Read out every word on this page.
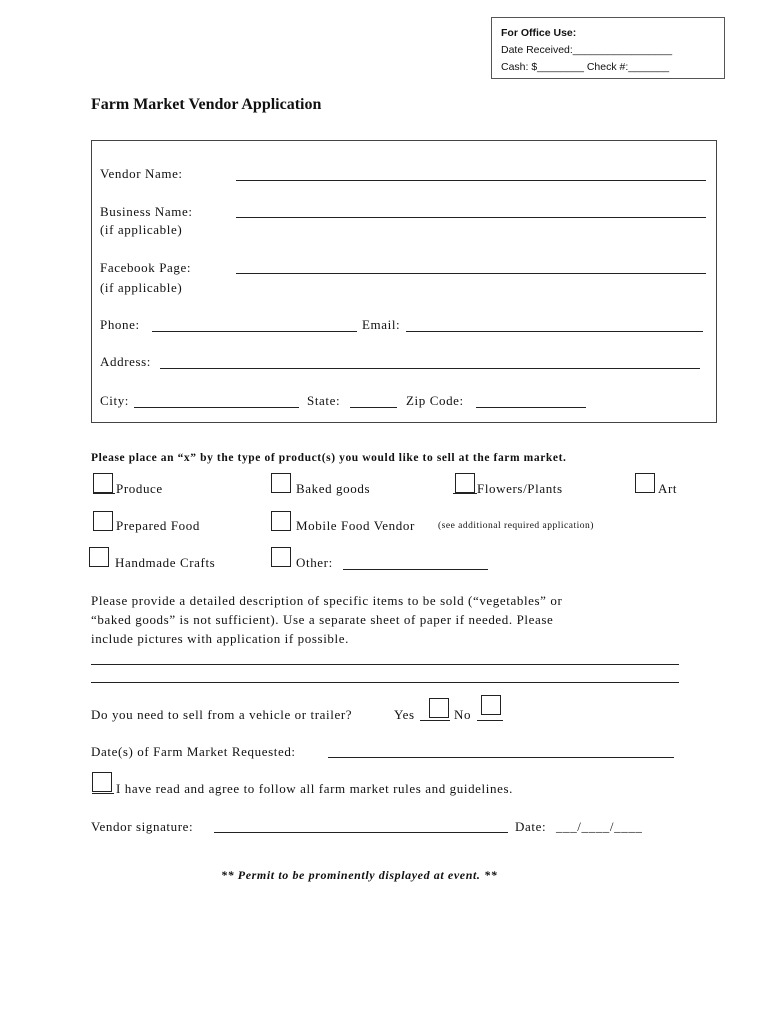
For Office Use:
Date Received:_________________
Cash: $________ Check #:_______
Farm Market Vendor Application
Vendor Name:
Business Name:
(if applicable)
Facebook Page:
(if applicable)
Phone:	Email:
Address:
City:	State:	Zip Code:
Please place an “x” by the type of product(s) you would like to sell at the farm market.
Produce	Baked goods	Flowers/Plants	Art
Prepared Food	Mobile Food Vendor (see additional required application)
Handmade Crafts	Other:
Please provide a detailed description of specific items to be sold (“vegetables” or
“baked goods” is not sufficient). Use a separate sheet of paper if needed. Please
include pictures with application if possible.
Do you need to sell from a vehicle or trailer?	Yes	No
Date(s) of Farm Market Requested:
I have read and agree to follow all farm market rules and guidelines.
Vendor signature:	Date: ___/____/____
** Permit to be prominently displayed at event. **
